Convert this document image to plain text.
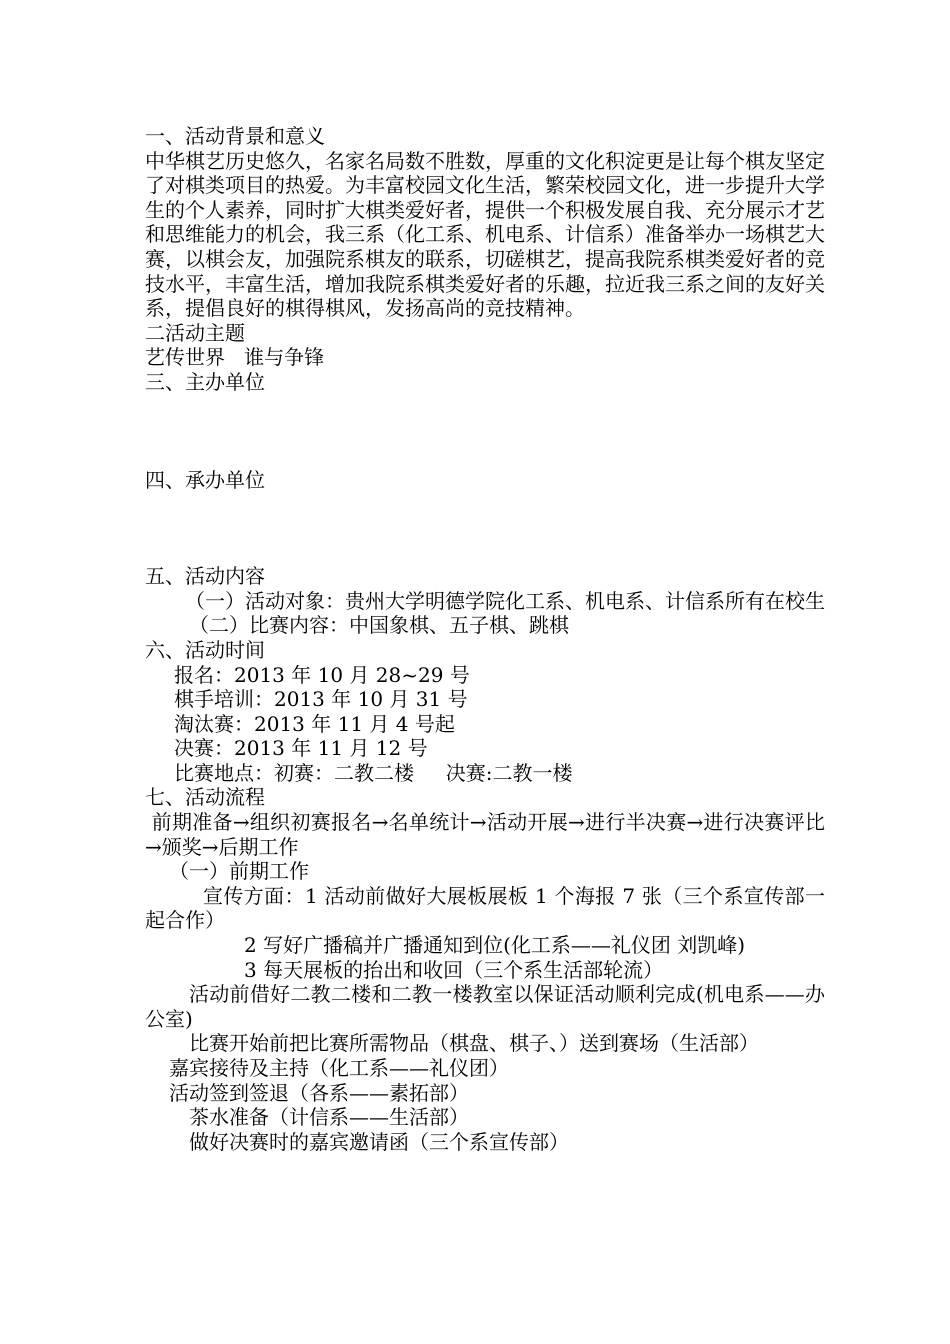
一、活动背景和意义
中华棋艺历史悠久，名家名局数不胜数，厚重的文化积淀更是让每个棋友坚定了对棋类项目的热爱。为丰富校园文化生活，繁荣校园文化，进一步提升大学生的个人素养，同时扩大棋类爱好者，提供一个积极发展自我、充分展示才艺和思维能力的机会，我三系（化工系、机电系、计信系）准备举办一场棋艺大赛，以棋会友，加强院系棋友的联系，切磋棋艺，提高我院系棋类爱好者的竞技水平，丰富生活，增加我院系棋类爱好者的乐趣，拉近我三系之间的友好关系，提倡良好的棋得棋风，发扬高尚的竞技精神。
二活动主题
艺传世界   谁与争锋
三、主办单位
四、承办单位
五、活动内容
（一）活动对象：贵州大学明德学院化工系、机电系、计信系所有在校生
（二）比赛内容：中国象棋、五子棋、跳棋
六、活动时间
报名：2013 年 10 月 28~29 号
棋手培训：2013 年 10 月 31 号
淘汰赛：2013 年 11 月 4 号起
决赛：2013 年 11 月 12 号
比赛地点：初赛：二教二楼     决赛:二教一楼
七、活动流程
前期准备→组织初赛报名→名单统计→活动开展→进行半决赛→进行决赛评比→颁奖→后期工作
（一）前期工作
宣传方面：1 活动前做好大展板展板 1 个海报 7 张（三个系宣传部一起合作）
2 写好广播稿并广播通知到位(化工系——礼仪团 刘凯峰)
3 每天展板的抬出和收回（三个系生活部轮流）
活动前借好二教二楼和二教一楼教室以保证活动顺利完成(机电系——办公室)
比赛开始前把比赛所需物品（棋盘、棋子、）送到赛场（生活部）
嘉宾接待及主持（化工系——礼仪团）
活动签到签退（各系——素拓部）
茶水准备（计信系——生活部）
做好决赛时的嘉宾邀请函（三个系宣传部）
